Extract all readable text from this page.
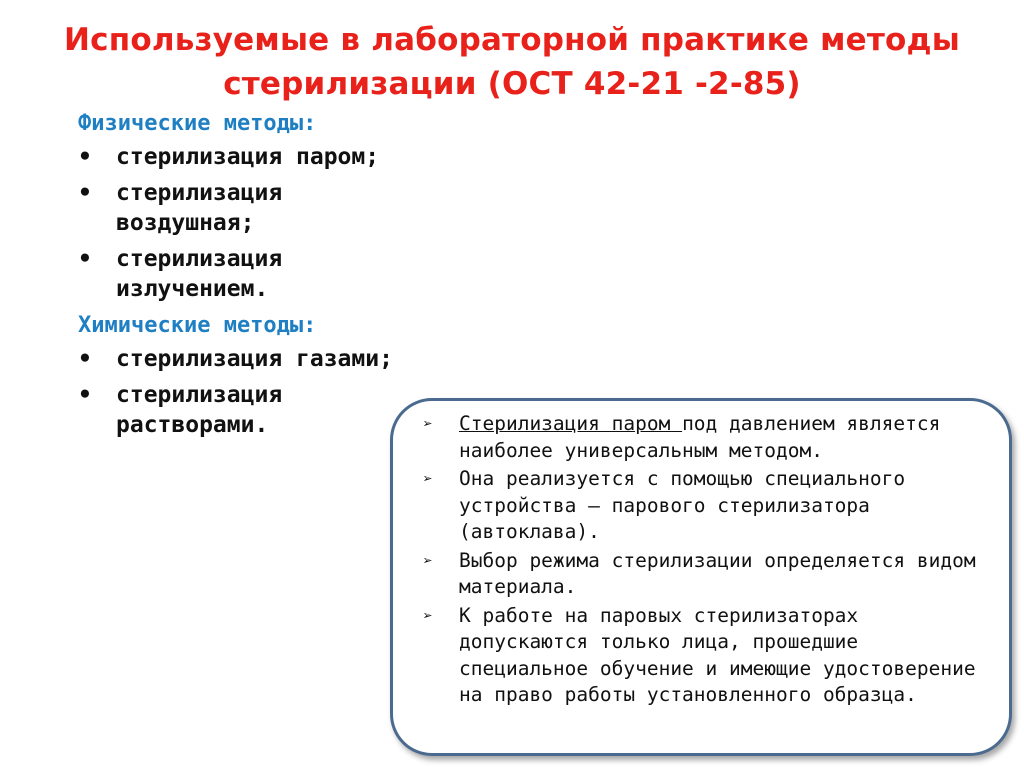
Используемые в лабораторной практике методы стерилизации (ОСТ 42-21 -2-85)

Физические методы:

• стерилизация паром;
• стерилизация воздушная;
• стерилизация излучением.

Химические методы:

• стерилизация газами;
• стерилизация растворами.	➢ Стерилизация паром под давлением является наиболее универсальным методом.
➢ Она реализуется с помощью специального устройства — парового стерилизатора (автоклава).
➢ Выбор режима стерилизации определяется видом материала.
➢ К работе на паровых стерилизаторах допускаются только лица, прошедшие специальное обучение и имеющие удостоверение на право работы установленного образца.
